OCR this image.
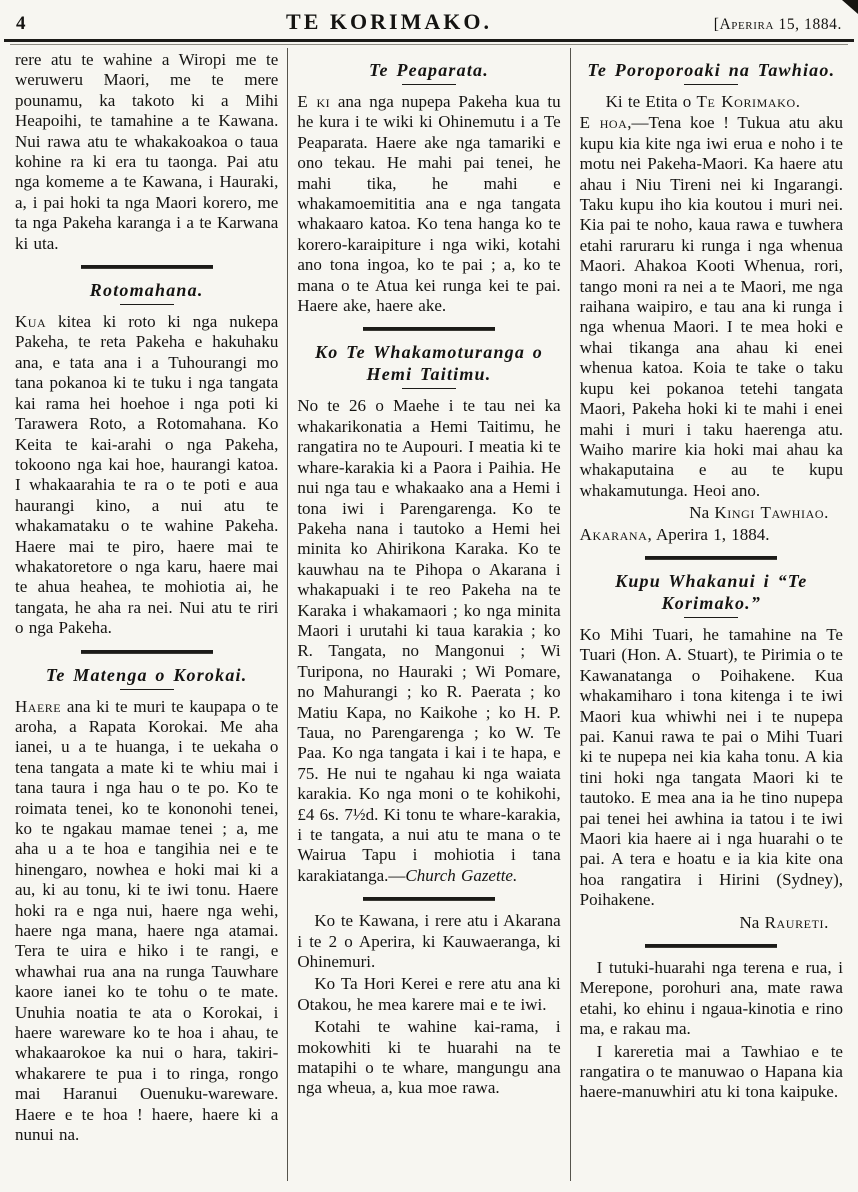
4	TE KORIMAKO.	[Aperira 15, 1884.

rere atu te wahine a Wiropi me te weruweru Maori, me te mere pounamu, ka takoto ki a Mihi Heapoihi, te tamahine a te Kawana. Nui rawa atu te whakakoakoa o taua kohine ra ki era tu taonga. Pai atu nga komeme a te Kawana, i Hauraki, a, i pai hoki ta nga Maori korero, me ta nga Pakeha karanga i a te Karwana ki uta.

Rotomahana.

Kua kitea ki roto ki nga nukepa Pakeha, te reta Pakeha e hakuhaku ana, e tata ana i a Tuhourangi mo tana pokanoa ki te tuku i nga tangata kai rama hei hoehoe i nga poti ki Tarawera Roto, a Rotomahana. Ko Keita te kai-arahi o nga Pakeha, tokoono nga kai hoe, haurangi katoa. I whakaarahia te ra o te poti e aua haurangi kino, a nui atu te whakamataku o te wahine Pakeha. Haere mai te piro, haere mai te whakatoretore o nga karu, haere mai te ahua heahea, te mohiotia ai, he tangata, he aha ra nei. Nui atu te riri o nga Pakeha.

Te Matenga o Korokai.

Haere ana ki te muri te kaupapa o te aroha, a Rapata Korokai. Me aha ianei, u a te huanga, i te uekaha o tena tangata a mate ki te whiu mai i tana taura i nga hau o te po. Ko te roimata tenei, ko te kononohi tenei, ko te ngakau mamae tenei ; a, me aha u a te hoa e tangihia nei e te hinengaro, nowhea e hoki mai ki a au, ki au tonu, ki te iwi tonu. Haere hoki ra e nga nui, haere nga wehi, haere nga mana, haere nga atamai. Tera te uira e hiko i te rangi, e whawhai rua ana na runga Tauwhare kaore ianei ko te tohu o te mate. Unuhia noatia te ata o Korokai, i haere wareware ko te hoa i ahau, te whakaarokoe ka nui o hara, takiri-whakarere te pua i to ringa, rongo mai Haranui Ouenuku-wareware. Haere e te hoa ! haere, haere ki a nunui na.

Te Peaparata.

E ki ana nga nupepa Pakeha kua tu he kura i te wiki ki Ohinemutu i a Te Peaparata. Haere ake nga tamariki e ono tekau. He mahi pai tenei, he mahi tika, he mahi e whakamoemititia ana e nga tangata whakaaro katoa. Ko tena hanga ko te korero-karaipiture i nga wiki, kotahi ano tona ingoa, ko te pai ; a, ko te mana o te Atua kei runga kei te pai. Haere ake, haere ake.

Ko Te Whakamoturanga o Hemi Taitimu.

No te 26 o Maehe i te tau nei ka whakarikonatia a Hemi Taitimu, he rangatira no te Aupouri. I meatia ki te whare-karakia ki a Paora i Paihia. He nui nga tau e whakaako ana a Hemi i tona iwi i Parengarenga. Ko te Pakeha nana i tautoko a Hemi hei minita ko Ahirikona Karaka. Ko te kauwhau na te Pihopa o Akarana i whakapuaki i te reo Pakeha na te Karaka i whakamaori ; ko nga minita Maori i urutahi ki taua karakia ; ko R. Tangata, no Mangonui ; Wi Turipona, no Hauraki ; Wi Pomare, no Mahurangi ; ko R. Paerata ; ko Matiu Kapa, no Kaikohe ; ko H. P. Taua, no Parengarenga ; ko W. Te Paa. Ko nga tangata i kai i te hapa, e 75. He nui te ngahau ki nga waiata karakia. Ko nga moni o te kohikohi, £4 6s. 7½d. Ki tonu te whare-karakia, i te tangata, a nui atu te mana o te Wairua Tapu i mohiotia i tana karakiatanga.—Church Gazette.

Ko te Kawana, i rere atu i Akarana i te 2 o Aperira, ki Kauwaeranga, ki Ohinemuri.

Ko Ta Hori Kerei e rere atu ana ki Otakou, he mea karere mai e te iwi.

Kotahi te wahine kai-rama, i mokowhiti ki te huarahi na te matapihi o te whare, mangungu ana nga wheua, a, kua moe rawa.

Te Poroporoaki na Tawhiao.

Ki te Etita o Te Korimako.

E hoa,—Tena koe ! Tukua atu aku kupu kia kite nga iwi erua e noho i te motu nei Pakeha-Maori. Ka haere atu ahau i Niu Tireni nei ki Ingarangi. Taku kupu iho kia koutou i muri nei. Kia pai te noho, kaua rawa e tuwhera etahi raruraru ki runga i nga whenua Maori. Ahakoa Kooti Whenua, rori, tango moni ra nei a te Maori, me nga raihana waipiro, e tau ana ki runga i nga whenua Maori. I te mea hoki e whai tikanga ana ahau ki enei whenua katoa. Koia te take o taku kupu kei pokanoa tetehi tangata Maori, Pakeha hoki ki te mahi i enei mahi i muri i taku haerenga atu. Waiho marire kia hoki mai ahau ka whakaputaina e au te kupu whakamutunga. Heoi ano.

Na Kingi Tawhiao.

Akarana, Aperira 1, 1884.

Kupu Whakanui i “Te Korimako.”

Ko Mihi Tuari, he tamahine na Te Tuari (Hon. A. Stuart), te Pirimia o te Kawanatanga o Poihakene. Kua whakamiharo i tona kitenga i te iwi Maori kua whiwhi nei i te nupepa pai. Kanui rawa te pai o Mihi Tuari ki te nupepa nei kia kaha tonu. A kia tini hoki nga tangata Maori ki te tautoko. E mea ana ia he tino nupepa pai tenei hei awhina ia tatou i te iwi Maori kia haere ai i nga huarahi o te pai. A tera e hoatu e ia kia kite ona hoa rangatira i Hirini (Sydney), Poihakene.

Na Raureti.

I tutuki-huarahi nga terena e rua, i Merepone, porohuri ana, mate rawa etahi, ko ehinu i ngaua-kinotia e rino ma, e rakau ma.

I kareretia mai a Tawhiao e te rangatira o te manuwao o Hapana kia haere-manuwhiri atu ki tona kaipuke.
